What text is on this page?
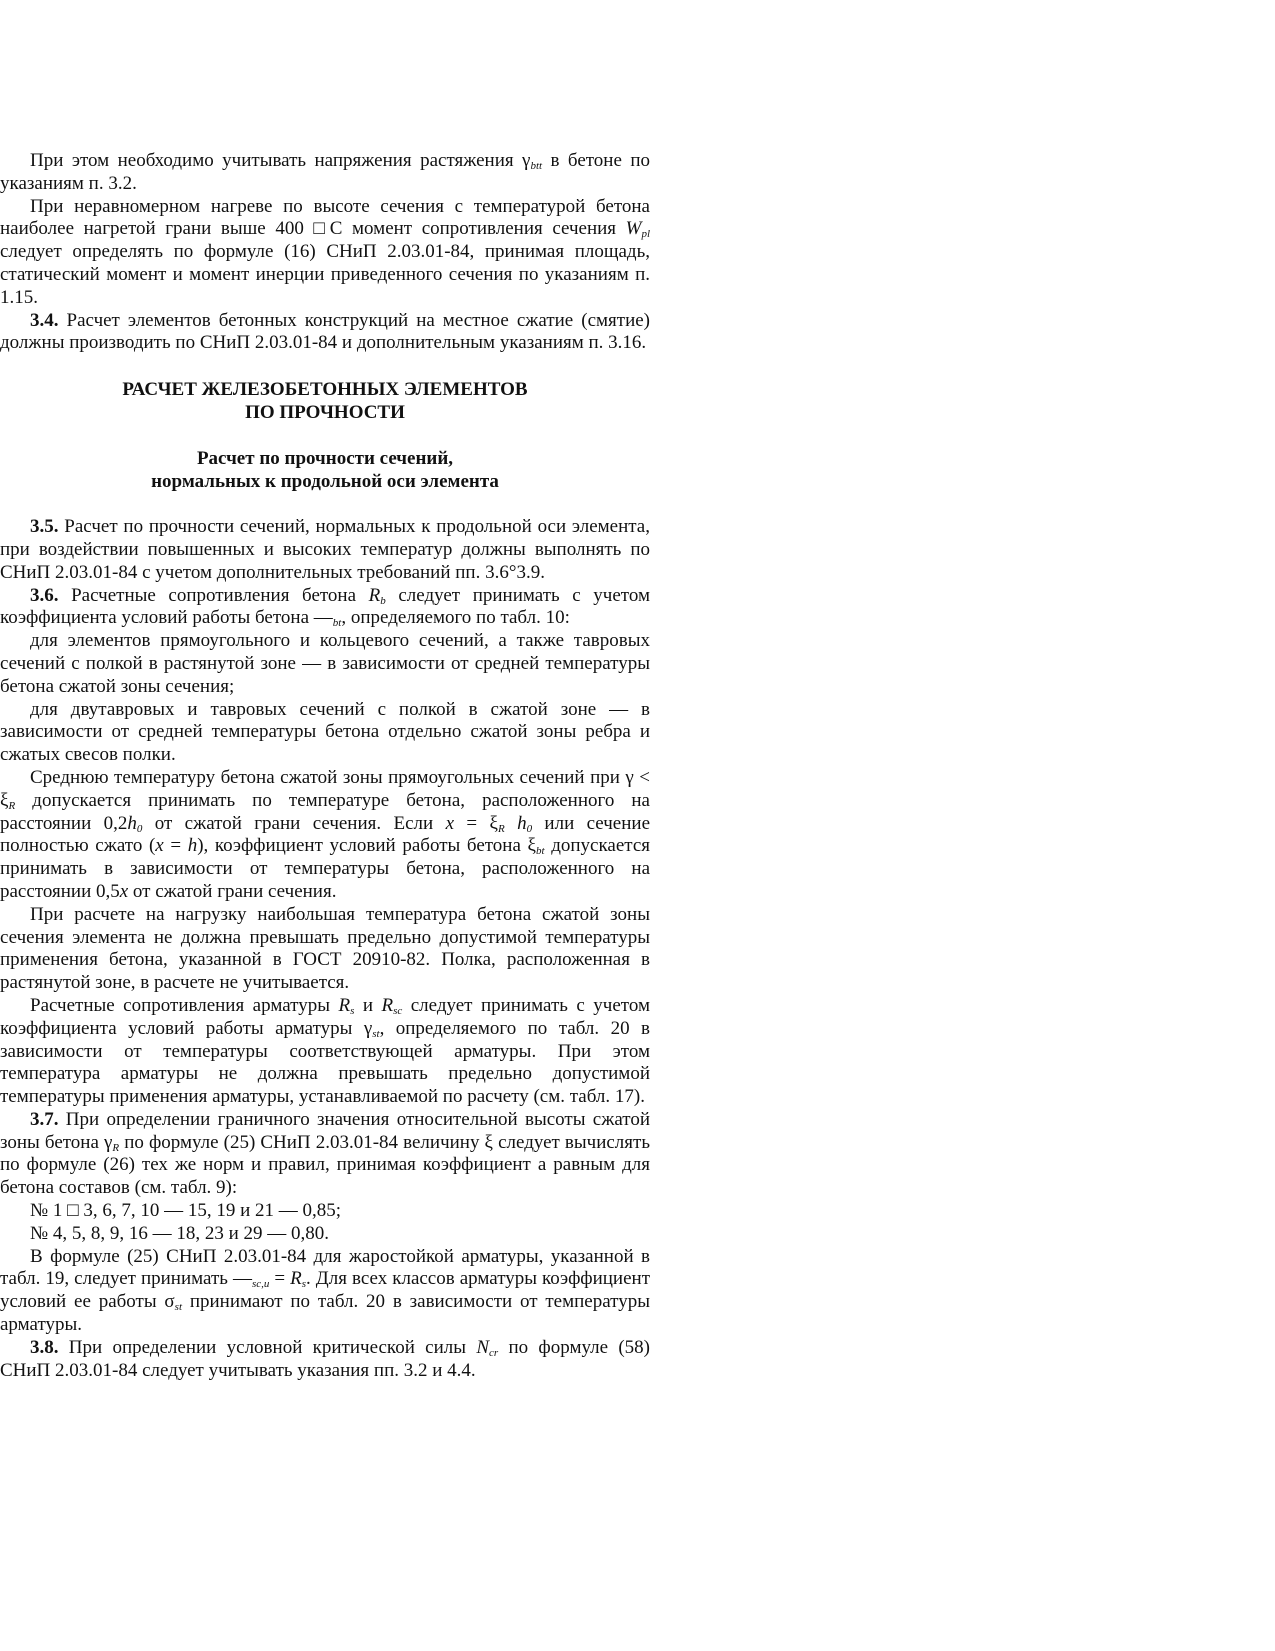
При этом необходимо учитывать напряжения растяжения $\gamma_{btt}$ в бетоне по указаниям п. 3.2.

При неравномерном нагреве по высоте сечения с температурой бетона наиболее нагретой грани выше 400 □С момент сопротивления сечения $W_{pl}$ следует определять по формуле (16) СНиП 2.03.01-84, принимая площадь, статический момент и момент инерции приведенного сечения по указаниям п. 1.15.

3.4. Расчет элементов бетонных конструкций на местное сжатие (смятие) должны производить по СНиП 2.03.01-84 и дополнительным указаниям п. 3.16.

РАСЧЕТ ЖЕЛЕЗОБЕТОННЫХ ЭЛЕМЕНТОВ
ПО ПРОЧНОСТИ
Расчет по прочности сечений,
нормальных к продольной оси элемента

3.5. Расчет по прочности сечений, нормальных к продольной оси элемента, при воздействии повышенных и высоких температур должны выполнять по СНиП 2.03.01-84 с учетом дополнительных требований пп. 3.6°3.9.

3.6. Расчетные сопротивления бетона $R_b$ следует принимать с учетом коэффициента условий работы бетона $—_{bt}$, определяемого по табл. 10:

для элементов прямоугольного и кольцевого сечений, а также тавровых сечений с полкой в растянутой зоне — в зависимости от средней температуры бетона сжатой зоны сечения;

для двутавровых и тавровых сечений с полкой в сжатой зоне — в зависимости от средней температуры бетона отдельно сжатой зоны ребра и сжатых свесов полки.

Среднюю температуру бетона сжатой зоны прямоугольных сечений при $\gamma < \xi_R$ допускается принимать по температуре бетона, расположенного на расстоянии $0,2h_0$ от сжатой грани сечения. Если $x = \xi_R$ $h_0$ или сечение полностью сжато (x = h), коэффициент условий работы бетона $\xi_{bt}$ допускается принимать в зависимости от температуры бетона, расположенного на расстоянии 0,5x от сжатой грани сечения.

При расчете на нагрузку наибольшая температура бетона сжатой зоны сечения элемента не должна превышать предельно допустимой температуры применения бетона, указанной в ГОСТ 20910-82. Полка, расположенная в растянутой зоне, в расчете не учитывается.

Расчетные сопротивления арматуры $R_s$ и $R_{sc}$ следует принимать с учетом коэффициента условий работы арматуры $\gamma_{st}$, определяемого по табл. 20 в зависимости от температуры соответствующей арматуры. При этом температура арматуры не должна превышать предельно допустимой температуры применения арматуры, устанавливаемой по расчету (см. табл. 17).

3.7. При определении граничного значения относительной высоты сжатой зоны бетона $\gamma_R$ по формуле (25) СНиП 2.03.01-84 величину ξ следует вычислять по формуле (26) тех же норм и правил, принимая коэффициент a равным для бетона составов (см. табл. 9):

№ 1 □ 3, 6, 7, 10 — 15, 19 и 21 — 0,85;

№ 4, 5, 8, 9, 16 — 18, 23 и 29 — 0,80.

В формуле (25) СНиП 2.03.01-84 для жаростойкой арматуры, указанной в табл. 19, следует принимать $—_{sc,u} = R_s$. Для всех классов арматуры коэффициент условий ее работы $\sigma_{st}$ принимают по табл. 20 в зависимости от температуры арматуры.

3.8. При определении условной критической силы $N_{cr}$ по формуле (58) СНиП 2.03.01-84 следует учитывать указания пп. 3.2 и 4.4.
